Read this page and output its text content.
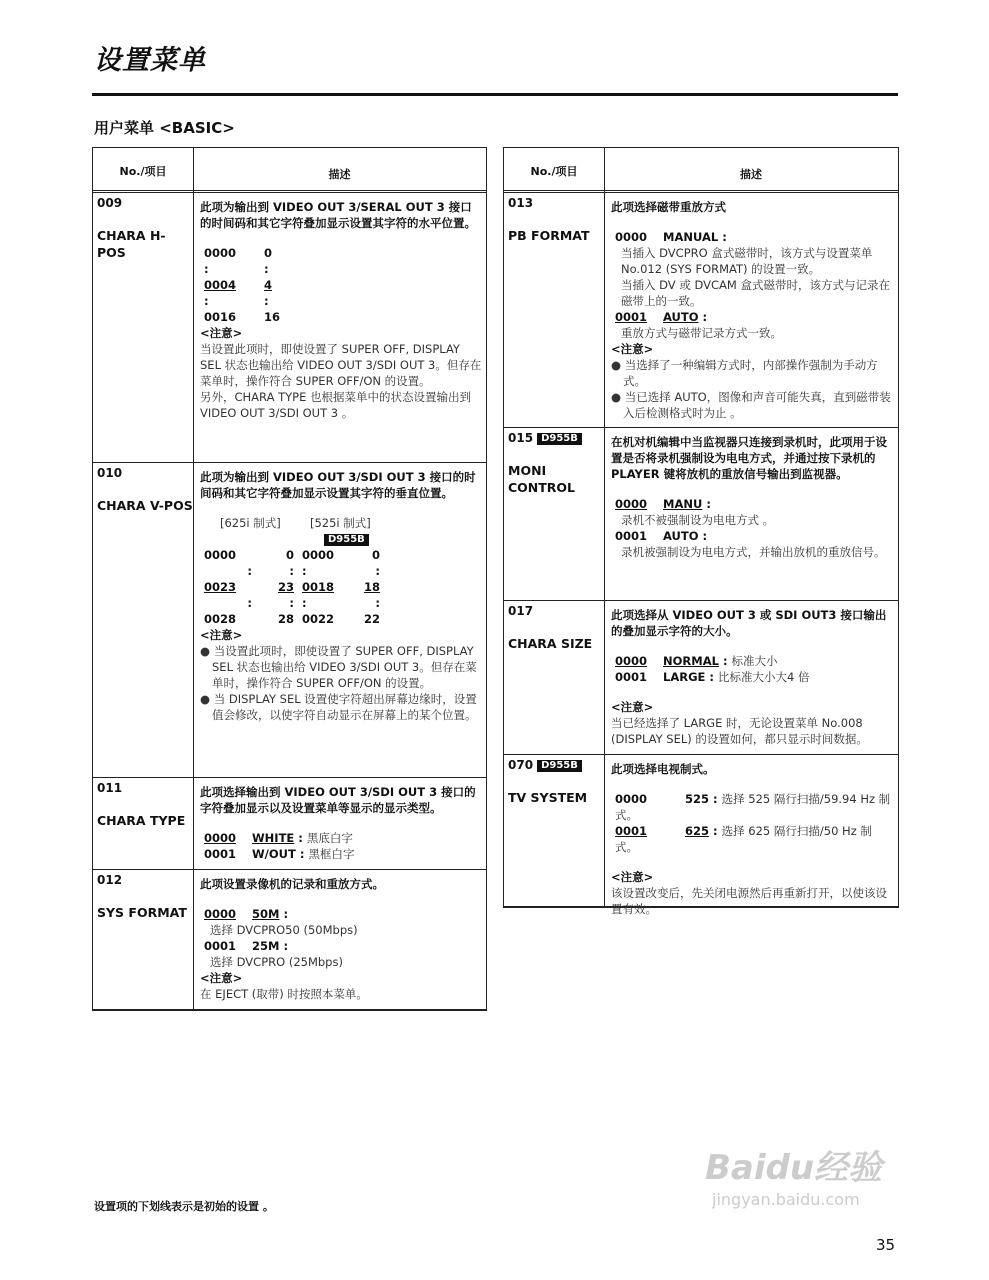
设置菜单
用户菜单 <BASIC>
No./项目	描述
009
CHARA H-POS
此项为输出到 VIDEO OUT 3/SERAL OUT 3 接口的时间码和其它字符叠加显示设置其字符的水平位置。
0000	0
:	:
0004	4
:	:
0016	16
<注意>
当设置此项时，即使设置了 SUPER OFF, DISPLAY SEL 状态也输出给 VIDEO OUT 3/SDI OUT 3。但存在菜单时，操作符合 SUPER OFF/ON 的设置。
另外，CHARA TYPE 也根据菜单中的状态设置输出到 VIDEO OUT 3/SDI OUT 3 。
010
CHARA V-POS
此项为输出到 VIDEO OUT 3/SDI OUT 3 接口的时间码和其它字符叠加显示设置其字符的垂直位置。
[625i 制式]	[525i 制式]
D955B
0000	0	0000	0
:	:	:	:
0023	23	0018	18
:	:	:	:
0028	28	0022	22
<注意>
● 当设置此项时，即使设置了 SUPER OFF, DISPLAY SEL 状态也输出给 VIDEO 3/SDI OUT 3。但存在菜单时，操作符合 SUPER OFF/ON 的设置。
● 当 DISPLAY SEL 设置使字符超出屏幕边缘时，设置值会修改，以使字符自动显示在屏幕上的某个位置。
011
CHARA TYPE
此项选择输出到 VIDEO OUT 3/SDI OUT 3 接口的字符叠加显示以及设置菜单等显示的显示类型。
0000 WHITE : 黑底白字
0001 W/OUT : 黑框白字
012
SYS FORMAT
此项设置录像机的记录和重放方式。
0000 50M :
选择 DVCPRO50 (50Mbps)
0001 25M :
选择 DVCPRO (25Mbps)
<注意>
在 EJECT (取带) 时按照本菜单。
No./项目	描述
013
PB FORMAT
此项选择磁带重放方式
0000 MANUAL :
当插入 DVCPRO 盒式磁带时，该方式与设置菜单 No.012 (SYS FORMAT) 的设置一致。
当插入 DV 或 DVCAM 盒式磁带时，该方式与记录在磁带上的一致。
0001 AUTO :
重放方式与磁带记录方式一致。
<注意>
● 当选择了一种编辑方式时，内部操作强制为手动方式。
● 当已选择 AUTO，图像和声音可能失真，直到磁带装入后检测格式时为止 。
015 D955B
MONI CONTROL
在机对机编辑中当监视器只连接到录机时，此项用于设置是否将录机强制设为电电方式，并通过按下录机的 PLAYER 键将放机的重放信号输出到监视器。
0000 MANU :
录机不被强制设为电电方式 。
0001 AUTO :
录机被强制设为电电方式，并输出放机的重放信号。
017
CHARA SIZE
此项选择从 VIDEO OUT 3 或 SDI OUT3 接口输出的叠加显示字符的大小。
0000 NORMAL : 标准大小
0001 LARGE : 比标准大小大4 倍
<注意>
当已经选择了 LARGE 时，无论设置菜单 No.008 (DISPLAY SEL) 的设置如何，都只显示时间数据。
070 D955B
TV SYSTEM
此项选择电视制式。
0000	525 : 选择 525 隔行扫描/59.94 Hz 制式。
0001	625 : 选择 625 隔行扫描/50 Hz 制式。
<注意>
该设置改变后，先关闭电源然后再重新打开，以使该设置有效。
设置项的下划线表示是初始的设置 。
35
Baidu经验
jingyan.baidu.com
